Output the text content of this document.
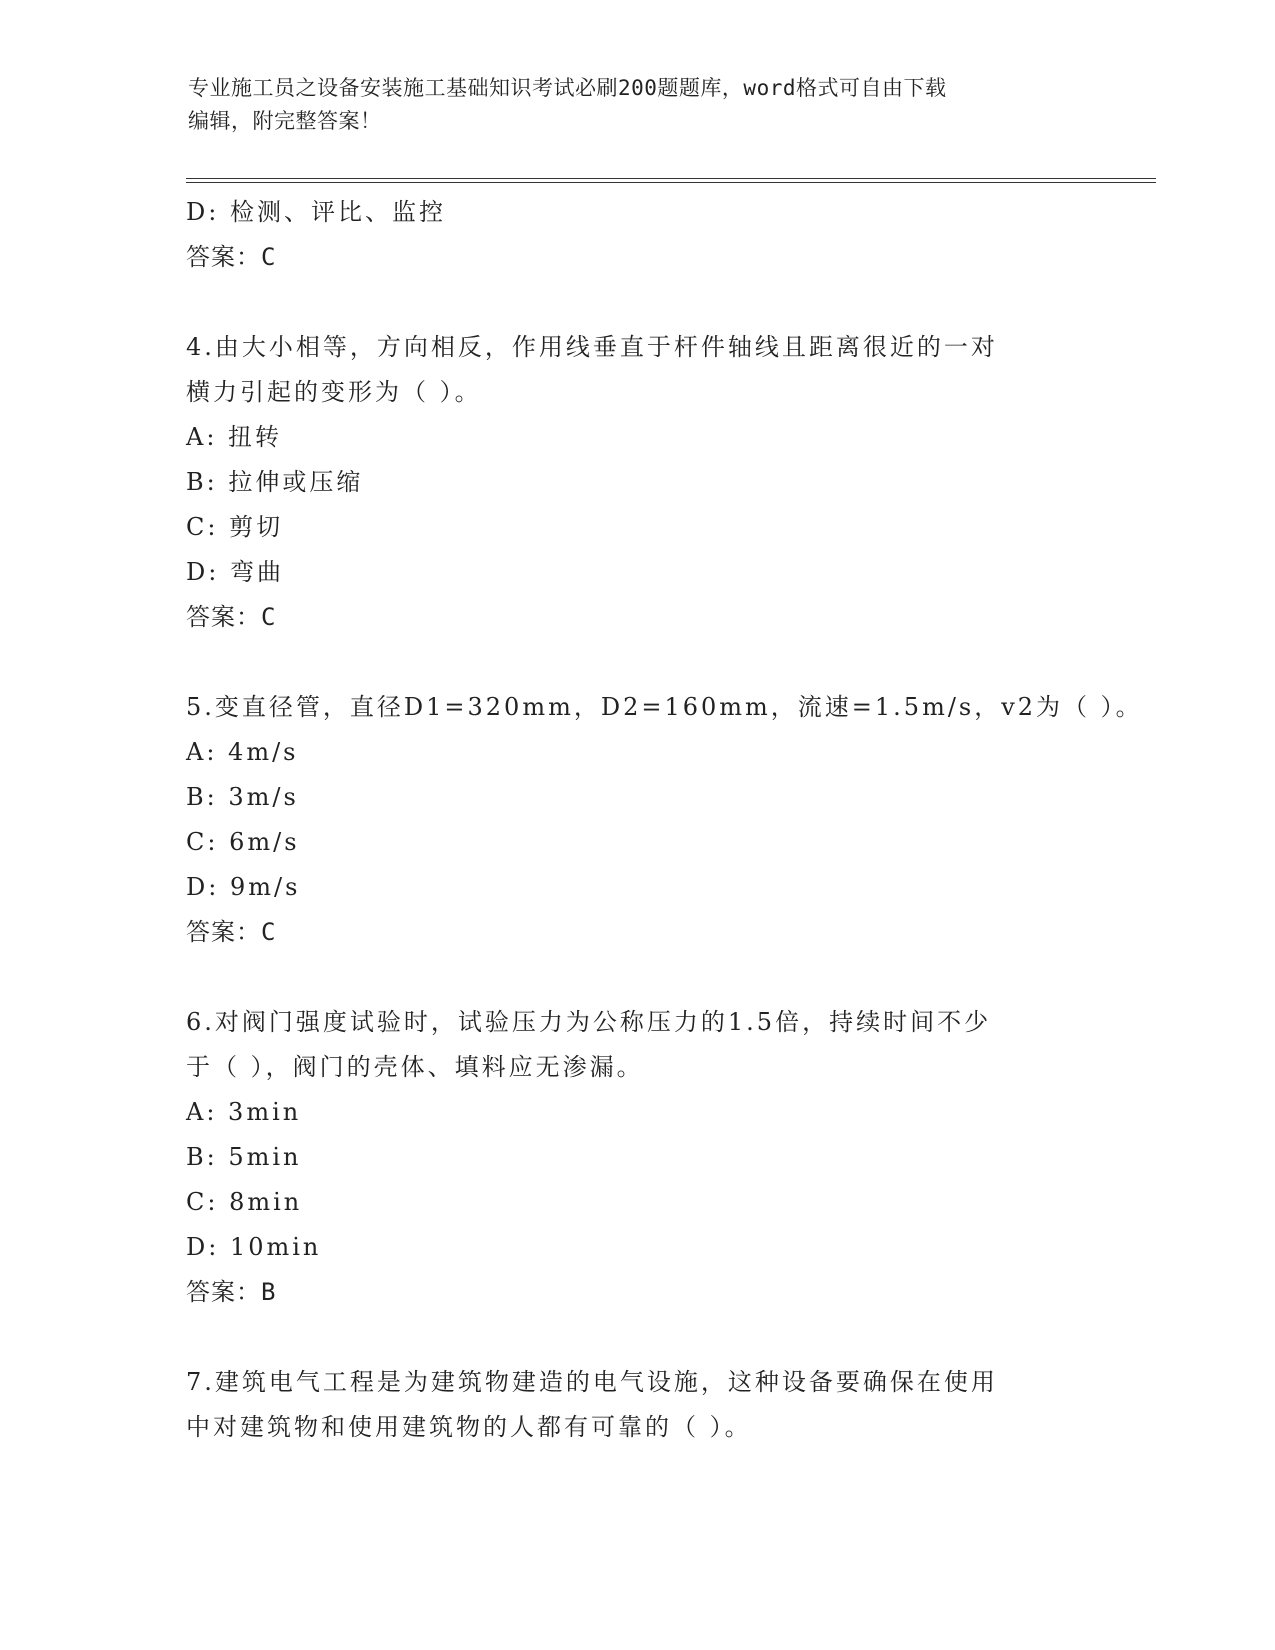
专业施工员之设备安装施工基础知识考试必刷200题题库，word格式可自由下载
编辑，附完整答案！
D: 检测、评比、监控
答案：C
4.由大小相等，方向相反，作用线垂直于杆件轴线且距离很近的一对
横力引起的变形为（ ）。
A: 扭转
B: 拉伸或压缩
C: 剪切
D: 弯曲
答案：C
5.变直径管，直径D1=320mm，D2=160mm，流速=1.5m/s，v2为（ ）。
A: 4m/s
B: 3m/s
C: 6m/s
D: 9m/s
答案：C
6.对阀门强度试验时，试验压力为公称压力的1.5倍，持续时间不少
于（ ），阀门的壳体、填料应无渗漏。
A: 3min
B: 5min
C: 8min
D: 10min
答案：B
7.建筑电气工程是为建筑物建造的电气设施，这种设备要确保在使用
中对建筑物和使用建筑物的人都有可靠的（ ）。
